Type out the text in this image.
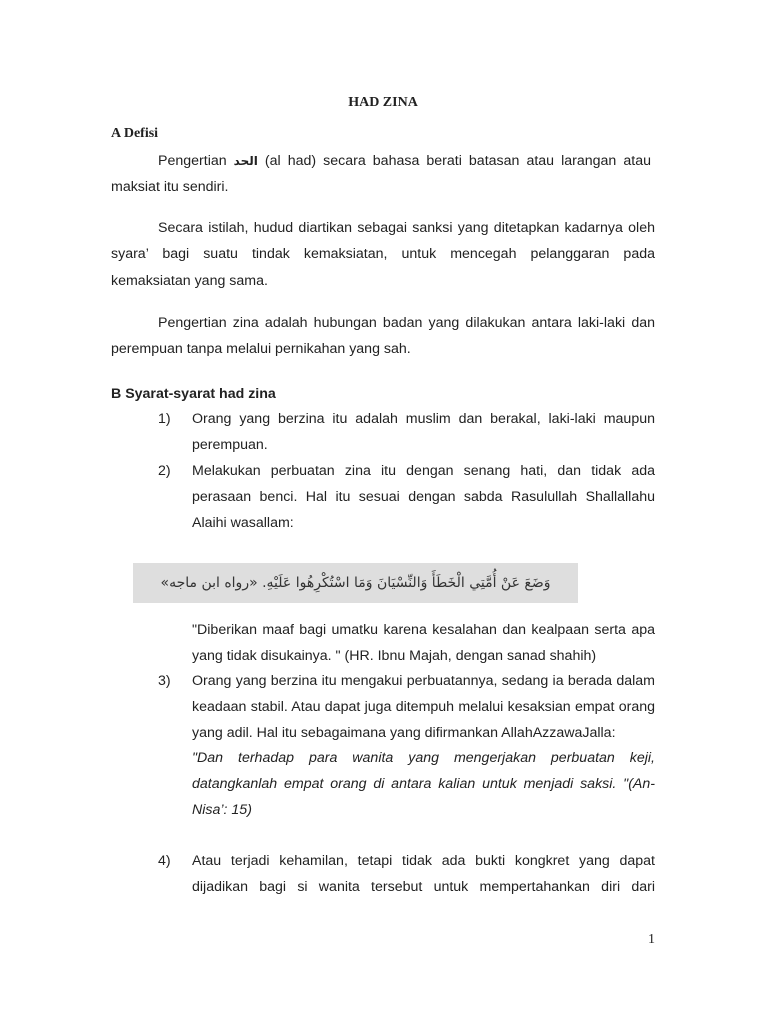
HAD ZINA
A Defisi
Pengertian الحد (al had) secara bahasa berati batasan atau larangan atau maksiat itu sendiri.
Secara istilah, hudud diartikan sebagai sanksi yang ditetapkan kadarnya oleh syara’ bagi suatu tindak kemaksiatan, untuk mencegah pelanggaran pada kemaksiatan yang sama.
Pengertian zina adalah hubungan badan yang dilakukan antara laki-laki dan perempuan tanpa melalui pernikahan yang sah.
B Syarat-syarat had zina
1) Orang yang berzina itu adalah muslim dan berakal, laki-laki maupun perempuan.
2) Melakukan perbuatan zina itu dengan senang hati, dan tidak ada perasaan benci. Hal itu sesuai dengan sabda Rasulullah Shallallahu Alaihi wasallam:
وَضَعَ عَنْ أُمَّتِي الْخَطَأَ وَالنِّسْيَانَ وَمَا اسْتُكْرِهُوا عَلَيْهِ. «رواه ابن ماجه»
"Diberikan maaf bagi umatku karena kesalahan dan kealpaan serta apa yang tidak disukainya. " (HR. Ibnu Majah, dengan sanad shahih)
3) Orang yang berzina itu mengakui perbuatannya, sedang ia berada dalam keadaan stabil. Atau dapat juga ditempuh melalui kesaksian empat orang yang adil. Hal itu sebagaimana yang difirmankan AllahAzzawaJalla:
"Dan terhadap para wanita yang mengerjakan perbuatan keji, datangkanlah empat orang di antara kalian untuk menjadi saksi. "(An-Nisa’: 15)
4) Atau terjadi kehamilan, tetapi tidak ada bukti kongkret yang dapat dijadikan bagi si wanita tersebut untuk mempertahankan diri dari
1
